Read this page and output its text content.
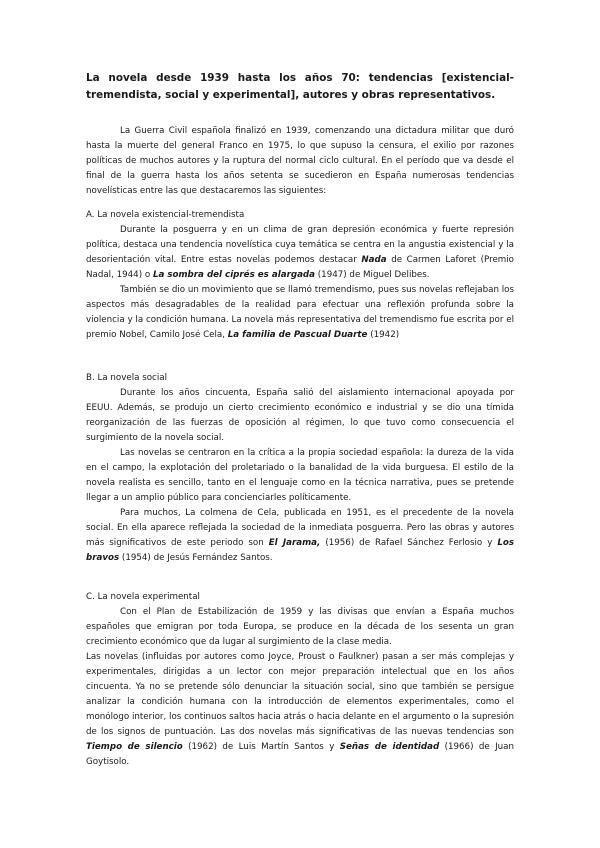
La novela desde 1939 hasta los años 70: tendencias [existencial-tremendista, social y experimental], autores y obras representativos.

La Guerra Civil española finalizó en 1939, comenzando una dictadura militar que duró hasta la muerte del general Franco en 1975, lo que supuso la censura, el exilio por razones políticas de muchos autores y la ruptura del normal ciclo cultural. En el período que va desde el final de la guerra hasta los años setenta se sucedieron en España numerosas tendencias novelísticas entre las que destacaremos las siguientes:

A. La novela existencial-tremendista

Durante la posguerra y en un clima de gran depresión económica y fuerte represión política, destaca una tendencia novelística cuya temática se centra en la angustia existencial y la desorientación vital. Entre estas novelas podemos destacar Nada de Carmen Laforet (Premio Nadal, 1944) o La sombra del ciprés es alargada (1947) de Miguel Delibes.

También se dio un movimiento que se llamó tremendismo, pues sus novelas reflejaban los aspectos más desagradables de la realidad para efectuar una reflexión profunda sobre la violencia y la condición humana. La novela más representativa del tremendismo fue escrita por el premio Nobel, Camilo José Cela, La familia de Pascual Duarte (1942)

B. La novela social

Durante los años cincuenta, España salió del aislamiento internacional apoyada por EEUU. Además, se produjo un cierto crecimiento económico e industrial y se dio una tímida reorganización de las fuerzas de oposición al régimen, lo que tuvo como consecuencia el surgimiento de la novela social.

Las novelas se centraron en la crítica a la propia sociedad española: la dureza de la vida en el campo, la explotación del proletariado o la banalidad de la vida burguesa. El estilo de la novela realista es sencillo, tanto en el lenguaje como en la técnica narrativa, pues se pretende llegar a un amplio público para concienciarles políticamente.

Para muchos, La colmena de Cela, publicada en 1951, es el precedente de la novela social. En ella aparece reflejada la sociedad de la inmediata posguerra. Pero las obras y autores más significativos de este periodo son El Jarama, (1956) de Rafael Sánchez Ferlosio y Los bravos (1954) de Jesús Fernández Santos.

C. La novela experimental

Con el Plan de Estabilización de 1959 y las divisas que envían a España muchos españoles que emigran por toda Europa, se produce en la década de los sesenta un gran crecimiento económico que da lugar al surgimiento de la clase media.

Las novelas (influidas por autores como Joyce, Proust o Faulkner) pasan a ser más complejas y experimentales, dirigidas a un lector con mejor preparación intelectual que en los años cincuenta. Ya no se pretende sólo denunciar la situación social, sino que también se persigue analizar la condición humana con la introducción de elementos experimentales, como el monólogo interior, los continuos saltos hacia atrás o hacia delante en el argumento o la supresión de los signos de puntuación. Las dos novelas más significativas de las nuevas tendencias son Tiempo de silencio (1962) de Luis Martín Santos y Señas de identidad (1966) de Juan Goytisolo.
